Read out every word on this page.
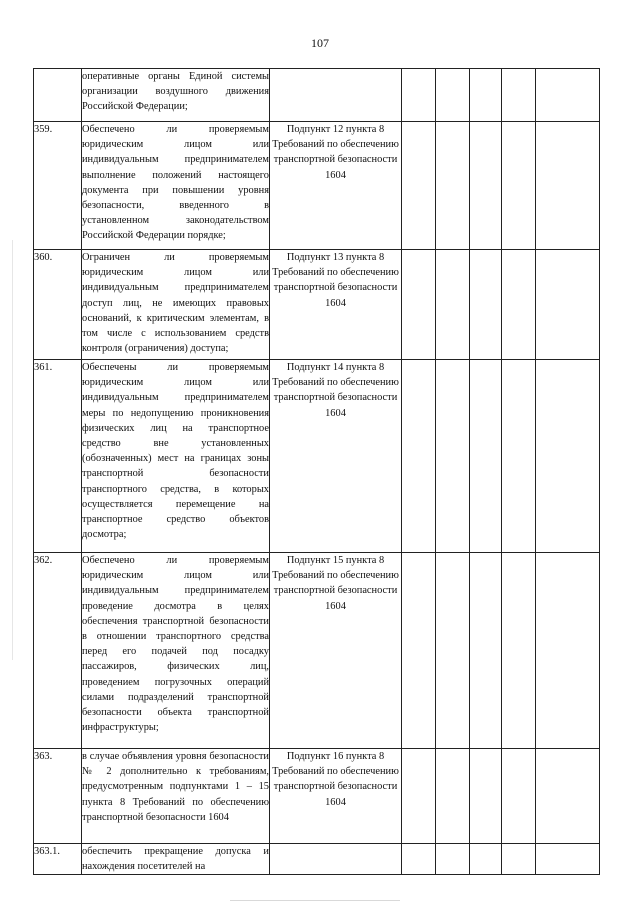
107

	оперативные органы Единой системы организации воздушного движения Российской Федерации;						

359.	Обеспечено ли проверяемым юридическим лицом или индивидуальным предпринимателем выполнение положений настоящего документа при повышении уровня безопасности, введенного в установленном законодательством Российской Федерации порядке;	Подпункт 12 пункта 8 Требований по обеспечению транспортной безопасности 1604					

360.	Ограничен ли проверяемым юридическим лицом или индивидуальным предпринимателем доступ лиц, не имеющих правовых оснований, к критическим элементам, в том числе с использованием средств контроля (ограничения) доступа;	Подпункт 13 пункта 8 Требований по обеспечению транспортной безопасности 1604					

361.	Обеспечены ли проверяемым юридическим лицом или индивидуальным предпринимателем меры по недопущению проникновения физических лиц на транспортное средство вне установленных (обозначенных) мест на границах зоны транспортной безопасности транспортного средства, в которых осуществляется перемещение на транспортное средство объектов досмотра;	Подпункт 14 пункта 8 Требований по обеспечению транспортной безопасности 1604					

362.	Обеспечено ли проверяемым юридическим лицом или индивидуальным предпринимателем проведение досмотра в целях обеспечения транспортной безопасности в отношении транспортного средства перед его подачей под посадку пассажиров, физических лиц, проведением погрузочных операций силами подразделений транспортной безопасности объекта транспортной инфраструктуры;	Подпункт 15 пункта 8 Требований по обеспечению транспортной безопасности 1604					

363.	в случае объявления уровня безопасности № 2 дополнительно к требованиям, предусмотренным подпунктами 1 – 15 пункта 8 Требований по обеспечению транспортной безопасности 1604	Подпункт 16 пункта 8 Требований по обеспечению транспортной безопасности 1604					

363.1.	обеспечить прекращение допуска и нахождения посетителей на						
